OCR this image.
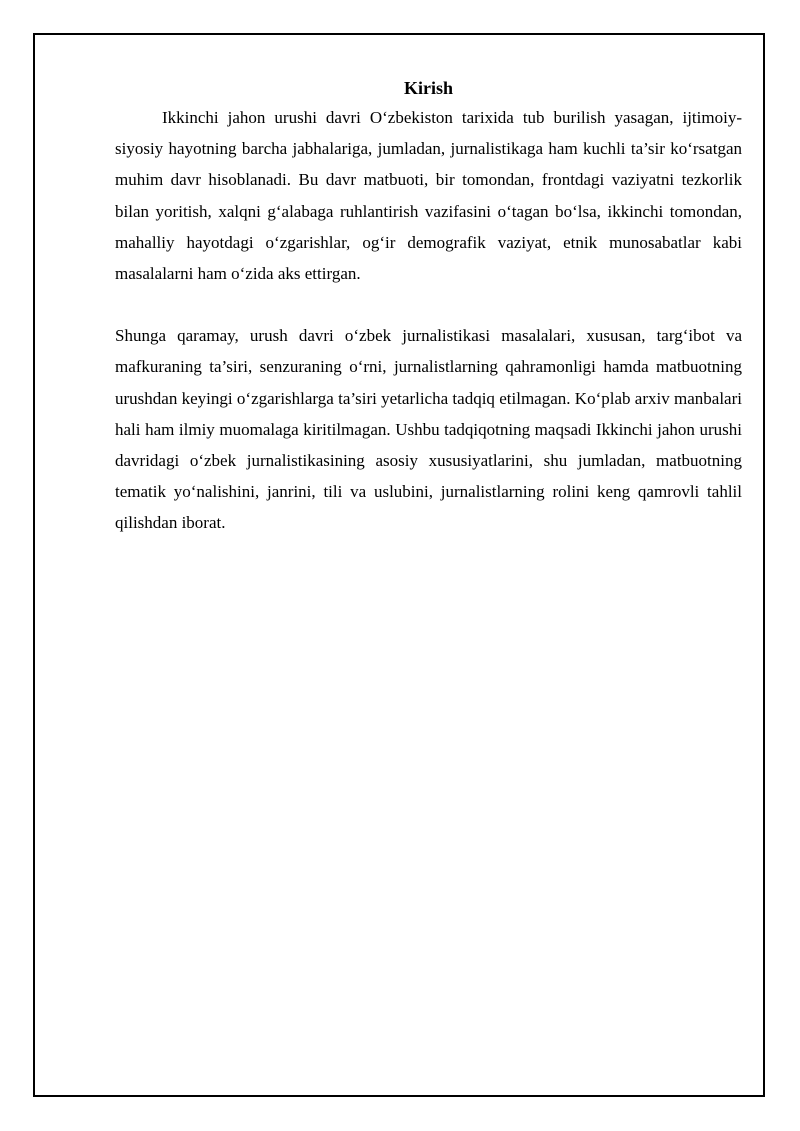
Kirish

Ikkinchi jahon urushi davri O‘zbekiston tarixida tub burilish yasagan, ijtimoiy-siyosiy hayotning barcha jabhalariga, jumladan, jurnalistikaga ham kuchli ta’sir ko‘rsatgan muhim davr hisoblanadi. Bu davr matbuoti, bir tomondan, frontdagi vaziyatni tezkorlik bilan yoritish, xalqni g‘alabaga ruhlantirish vazifasini o‘tagan bo‘lsa, ikkinchi tomondan, mahalliy hayotdagi o‘zgarishlar, og‘ir demografik vaziyat, etnik munosabatlar kabi masalalarni ham o‘zida aks ettirgan.

Shunga qaramay, urush davri o‘zbek jurnalistikasi masalalari, xususan, targ‘ibot va mafkuraning ta’siri, senzuraning o‘rni, jurnalistlarning qahramonligi hamda matbuotning urushdan keyingi o‘zgarishlarga ta’siri yetarlicha tadqiq etilmagan. Ko‘plab arxiv manbalari hali ham ilmiy muomalaga kiritilmagan. Ushbu tadqiqotning maqsadi Ikkinchi jahon urushi davridagi o‘zbek jurnalistikasining asosiy xususiyatlarini, shu jumladan, matbuotning tematik yo‘nalishini, janrini, tili va uslubini, jurnalistlarning rolini keng qamrovli tahlil qilishdan iborat.
